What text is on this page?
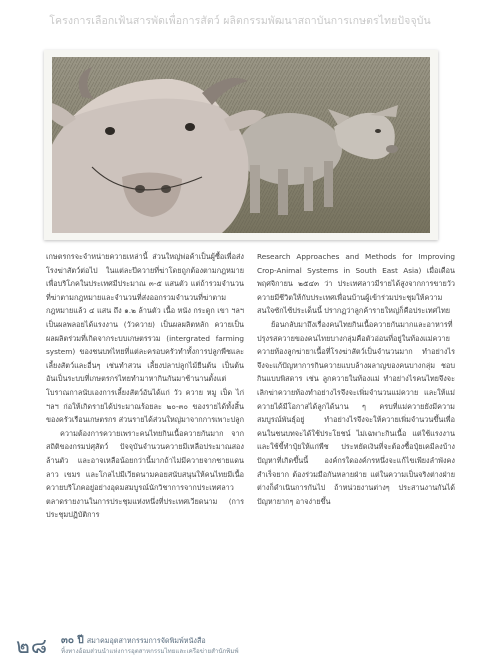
โครงการเลือกเฟ้นสารพัดเพื่อการสัตว์ ผลิตกรรมพัฒนาสถาบันการเกษตรไทยปัจจุบัน

เกษตรกรจะจำหน่ายควายเหล่านี้ ส่วนใหญ่พ่อค้าเป็นผู้ซื้อเพื่อส่งโรงฆ่าสัตว์ต่อไป ในแต่ละปีควายที่ฆ่าโดยถูกต้องตามกฎหมายเพื่อบริโภคในประเทศมีประมาณ ๓-๕ แสนตัว แต่ถ้ารวมจำนวนที่ฆ่าตามกฎหมายและจำนวนที่ส่งออกรวมจำนวนที่ฆ่าตามกฎหมายแล้ว ๔ แสน ถึง ๑.๒ ล้านตัว เนื้อ หนัง กระดูก เขา ฯลฯ เป็นผลพลอยได้แรงงาน (วัวควาย) เป็นผลผลิตหลัก ควายเป็นผลผลิตร่วมที่เกิดจากระบบเกษตรรวม (intergrated farming system) ของชนบทไทยที่แต่ละครอบครัวทำทั้งการปลูกพืชและเลี้ยงสัตว์และอื่นๆ เช่นทำสวน เลี้ยงปลาปลูกไม้ยืนต้น เป็นต้น อันเป็นระบบที่เกษตรกรไทยทำมาหากินกันมาช้านานตั้งแต่โบราณกาลนับเองการเลี้ยงสัตว์อันได้แก่ วัว ควาย หมู เป็ด ไก่ ฯลฯ ก่อให้เกิดรายได้ประมาณร้อยละ ๒๐-๓๐ ของรายได้ทั้งสิ้นของครัวเรือนเกษตรกร ส่วนรายได้ส่วนใหญ่มาจากการเพาะปลูก

ความต้องการควายเพราะคนไทยกินเนื้อควายกันมาก จากสถิติของกรมปศุสัตว์ ปัจจุบันจำนวนควายมีเหลือประมาณสองล้านตัว และอาจเหลือน้อยกว่านี้มากถ้าไม่มีควายจากชายแดนลาว เขมร และโกลไปมีเวียดนามคอยสนับสนุนให้คนไทยมีเนื้อควายบริโภคอยู่อย่างอุดมสมบูรณ์นักวิชาการจากประเทศลาวตลาดรายงานในการประชุมแห่งหนึ่งที่ประเทศเวียดนาม (การประชุมปฏิบัติการ

Research Approaches and Methods for Improving Crop-Animal Systems in South East Asia) เมื่อเดือนพฤศจิกายน ๒๕๔๓ ว่า ประเทศลาวมีรายได้สูงจากการขายวัวควายมีชีวิตให้กับประเทศเพื่อนบ้านผู้เข้าร่วมประชุมให้ความสนใจซักไซ้ประเด็นนี้ ปรากฏว่าลูกค้ารายใหญ่ก็คือประเทศไทย

ย้อนกลับมาถึงเรื่องคนไทยกินเนื้อควายกันมากและอาหารที่ปรุงรสควายของคนไทยบางกลุ่มคือตัวอ่อนที่อยู่ในท้องแม่ควาย ควายท้องลูกฆ่ายาเนื้อที่โรงฆ่าสัตว์เป็นจำนวนมาก ทำอย่างไรจึงจะแก้ปัญหาการกินควายแบบล้างผลาญของคนบางกลุ่ม ชอบกินแบบพิสดาร เช่น ลูกควายในท้องแม่ ทำอย่างไรคนไทยจึงจะเลิกฆ่าควายท้องทำอย่างไรจึงจะเพิ่มจำนวนแม่ควาย และให้แม่ควายได้มีโอกาสได้ลูกได้นาน ๆ ครบที่แม่ควายยังมีความสมบูรณ์พันธุ์อยู่ ทำอย่างไรจึงจะให้ควายเพิ่มจำนวนขึ้นเพื่อคนในชนบทจะได้ใช้ประโยชน์ ไม่เฉพาะกินเนื้อ แต่ใช้แรงงาน และใช้ขี้ทำปุ๋ยให้แก่พืช ประหยัดเงินที่จะต้องซื้อปุ๋ยเคมีลงบ้าง ปัญหาที่เกิดขึ้นนี้ องค์กรใดองค์กรหนึ่งจะแก้ไขเพียงลำพังคงสำเร็จยาก ต้องร่วมมือกันหลายฝ่าย แต่ในความเป็นจริงต่างฝ่ายต่างก็ดำเนินการกันไป ถ้าหน่วยงานต่างๆ ประสานงานกันได้ ปัญหายากๆ อาจง่ายขึ้น

๒๘ ๓๐ ปี สมาคมอุตสาหกรรมการจัดพิมพ์หนังสือ
ทิ้งทางอ้อมส่วนนำแห่งการอุตสาหกรรมไทยและเครือข่ายสำนักพิมพ์
